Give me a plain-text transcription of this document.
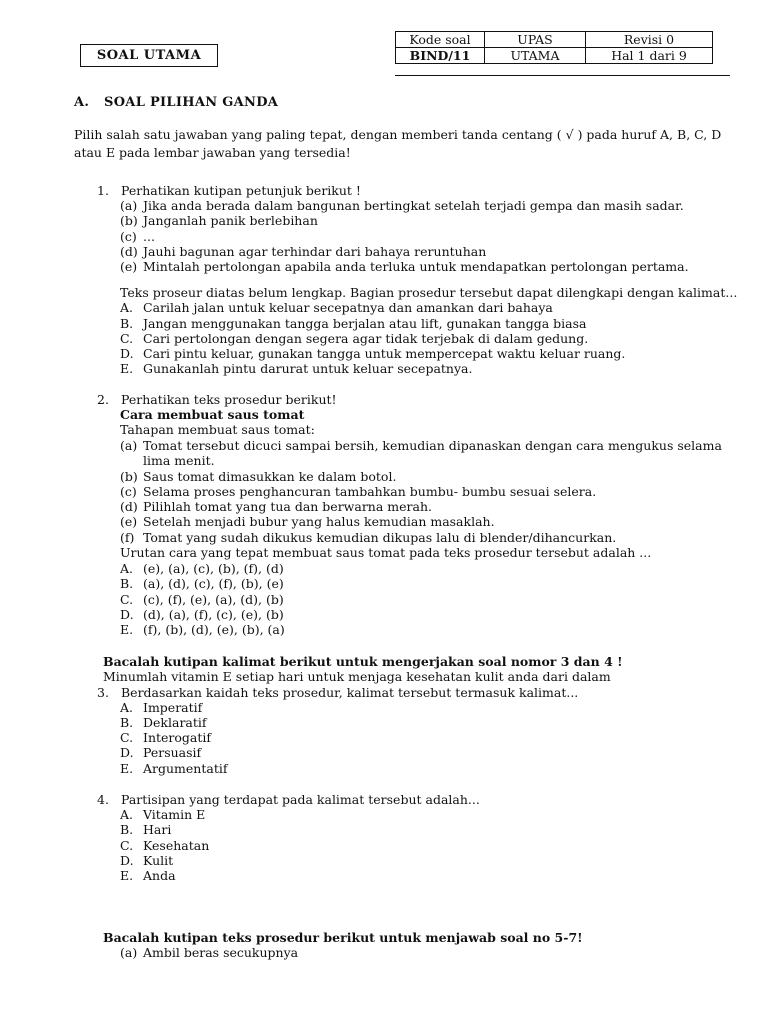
SOAL UTAMA
Kode soal	UPAS	Revisi 0
BIND/11	UTAMA	Hal 1 dari 9
A. SOAL PILIHAN GANDA
Pilih salah satu jawaban yang paling tepat, dengan memberi tanda centang ( √ ) pada huruf A, B, C, D atau E pada lembar jawaban yang tersedia!
1. Perhatikan kutipan petunjuk berikut !
(a) Jika anda berada dalam bangunan bertingkat setelah terjadi gempa dan masih sadar.
(b) Janganlah panik berlebihan
(c) ...
(d) Jauhi bagunan agar terhindar dari bahaya reruntuhan
(e) Mintalah pertolongan apabila anda terluka untuk mendapatkan pertolongan pertama.
Teks proseur diatas belum lengkap. Bagian prosedur tersebut dapat dilengkapi dengan kalimat...
A. Carilah jalan untuk keluar secepatnya dan amankan dari bahaya
B. Jangan menggunakan tangga berjalan atau lift, gunakan tangga biasa
C. Cari pertolongan dengan segera agar tidak terjebak di dalam gedung.
D. Cari pintu keluar, gunakan tangga untuk mempercepat waktu keluar ruang.
E. Gunakanlah pintu darurat untuk keluar secepatnya.
2. Perhatikan teks prosedur berikut!
Cara membuat saus tomat
Tahapan membuat saus tomat:
(a) Tomat tersebut dicuci sampai bersih, kemudian dipanaskan dengan cara mengukus selama
lima menit.
(b) Saus tomat dimasukkan ke dalam botol.
(c) Selama proses penghancuran tambahkan bumbu- bumbu sesuai selera.
(d) Pilihlah tomat yang tua dan berwarna merah.
(e) Setelah menjadi bubur yang halus kemudian masaklah.
(f) Tomat yang sudah dikukus kemudian dikupas lalu di blender/dihancurkan.
Urutan cara yang tepat membuat saus tomat pada teks prosedur tersebut adalah ...
A. (e), (a), (c), (b), (f), (d)
B. (a), (d), (c), (f), (b), (e)
C. (c), (f), (e), (a), (d), (b)
D. (d), (a), (f), (c), (e), (b)
E. (f), (b), (d), (e), (b), (a)
Bacalah kutipan kalimat berikut untuk mengerjakan soal nomor 3 dan 4 !
Minumlah vitamin E setiap hari untuk menjaga kesehatan kulit anda dari dalam
3. Berdasarkan kaidah teks prosedur, kalimat tersebut termasuk kalimat...
A. Imperatif
B. Deklaratif
C. Interogatif
D. Persuasif
E. Argumentatif
4. Partisipan yang terdapat pada kalimat tersebut adalah...
A. Vitamin E
B. Hari
C. Kesehatan
D. Kulit
E. Anda
Bacalah kutipan teks prosedur berikut untuk menjawab soal no 5-7!
(a) Ambil beras secukupnya
